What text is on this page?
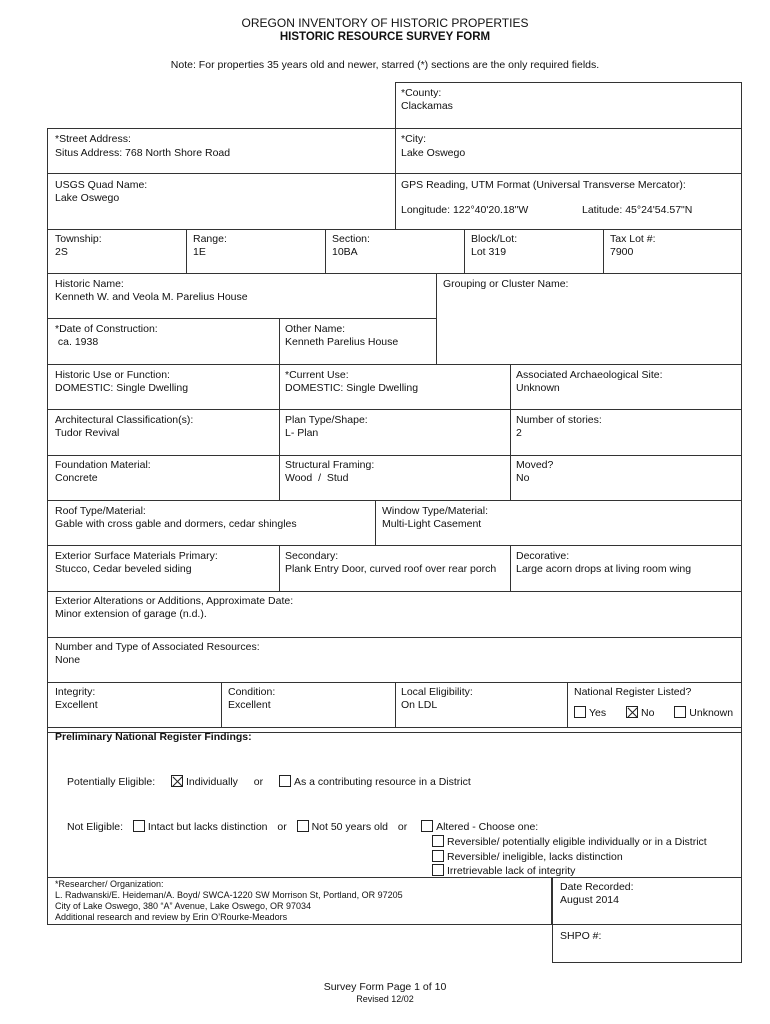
OREGON INVENTORY OF HISTORIC PROPERTIES
HISTORIC RESOURCE SURVEY FORM
Note: For properties 35 years old and newer, starred (*) sections are the only required fields.
*County:
Clackamas
*Street Address:
Situs Address: 768 North Shore Road
*City:
Lake Oswego
USGS Quad Name:
Lake Oswego
GPS Reading, UTM Format (Universal Transverse Mercator):
Longitude: 122°40'20.18"W	Latitude: 45°24'54.57"N
Township:
2S
Range:
1E
Section:
10BA
Block/Lot:
Lot 319
Tax Lot #:
7900
Historic Name:
Kenneth W. and Veola M. Parelius House
Grouping or Cluster Name:
*Date of Construction:
ca. 1938
Other Name:
Kenneth Parelius House
Historic Use or Function:
DOMESTIC: Single Dwelling
*Current Use:
DOMESTIC: Single Dwelling
Associated Archaeological Site:
Unknown
Architectural Classification(s):
Tudor Revival
Plan Type/Shape:
L- Plan
Number of stories:
2
Foundation Material:
Concrete
Structural Framing:
Wood  /  Stud
Moved?
No
Roof Type/Material:
Gable with cross gable and dormers, cedar shingles
Window Type/Material:
Multi-Light Casement
Exterior Surface Materials Primary:
Stucco, Cedar beveled siding
Secondary:
Plank Entry Door, curved roof over rear porch
Decorative:
Large acorn drops at living room wing
Exterior Alterations or Additions, Approximate Date:
Minor extension of garage (n.d.).
Number and Type of Associated Resources:
None
Integrity:
Excellent
Condition:
Excellent
Local Eligibility:
On LDL
National Register Listed?
Yes	No	Unknown
Preliminary National Register Findings:
Potentially Eligible:	Individually or	As a contributing resource in a District
Not Eligible: Intact but lacks distinction or Not 50 years old or	Altered - Choose one:
Reversible/ potentially eligible individually or in a District
Reversible/ ineligible, lacks distinction
Irretrievable lack of integrity
*Researcher/ Organization:
L. Radwanski/E. Heideman/A. Boyd/ SWCA-1220 SW Morrison St, Portland, OR 97205
City of Lake Oswego, 380 “A” Avenue, Lake Oswego, OR 97034
Additional research and review by Erin O’Rourke-Meadors
Date Recorded:
August 2014
SHPO #:
Survey Form Page 1 of 10
Revised 12/02
